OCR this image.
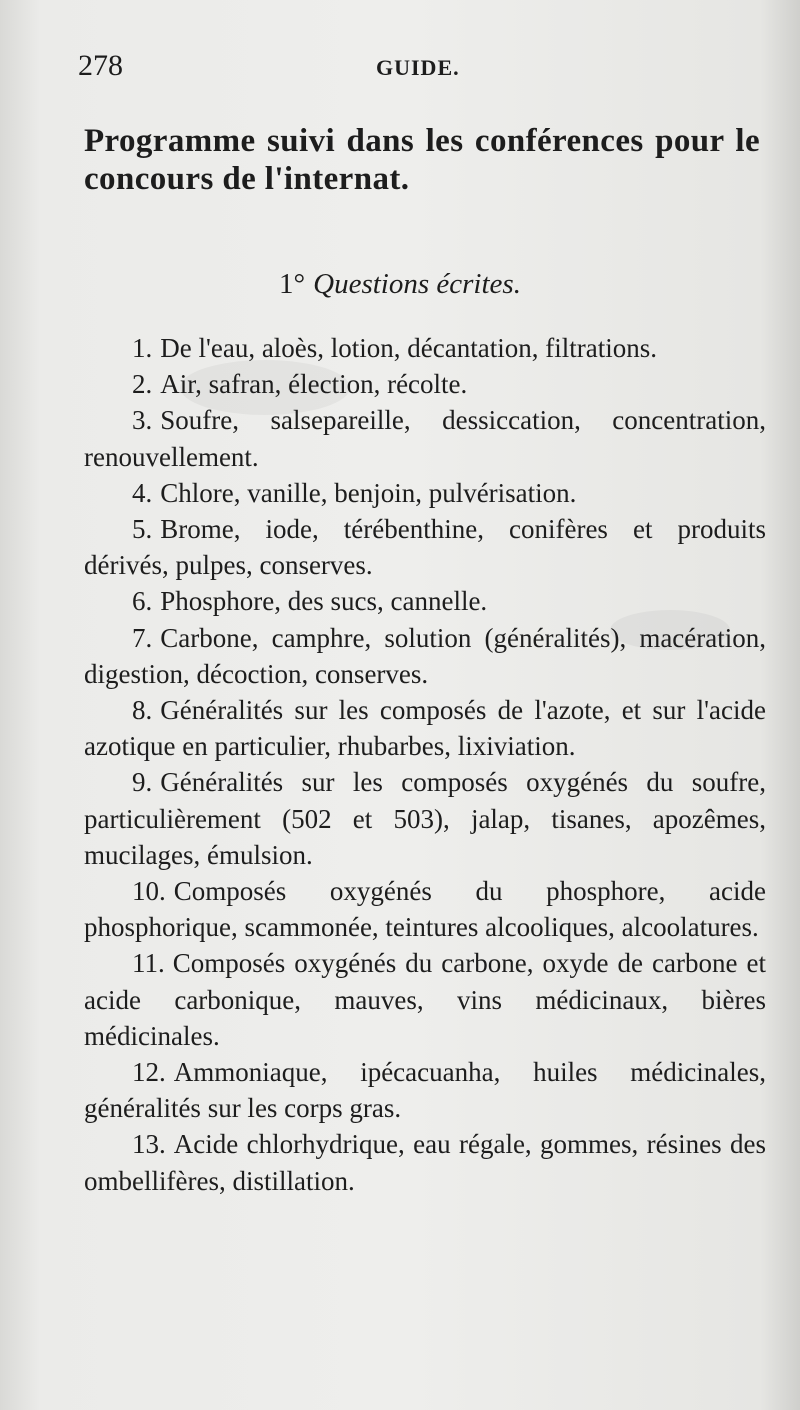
278	GUIDE.
Programme suivi dans les conférences pour le concours de l'internat.
1° Questions écrites.

1. De l'eau, aloès, lotion, décantation, filtrations.

2. Air, safran, élection, récolte.

3. Soufre, salsepareille, dessiccation, concentration, renouvellement.

4. Chlore, vanille, benjoin, pulvérisation.

5. Brome, iode, térébenthine, conifères et produits dérivés, pulpes, conserves.

6. Phosphore, des sucs, cannelle.

7. Carbone, camphre, solution (généralités), macération, digestion, décoction, conserves.

8. Généralités sur les composés de l'azote, et sur l'acide azotique en particulier, rhubarbes, lixiviation.

9. Généralités sur les composés oxygénés du soufre, particulièrement (502 et 503), jalap, tisanes, apozêmes, mucilages, émulsion.

10. Composés oxygénés du phosphore, acide phosphorique, scammonée, teintures alcooliques, alcoolatures.

11. Composés oxygénés du carbone, oxyde de carbone et acide carbonique, mauves, vins médicinaux, bières médicinales.

12. Ammoniaque, ipécacuanha, huiles médicinales, généralités sur les corps gras.

13. Acide chlorhydrique, eau régale, gommes, résines des ombellifères, distillation.
